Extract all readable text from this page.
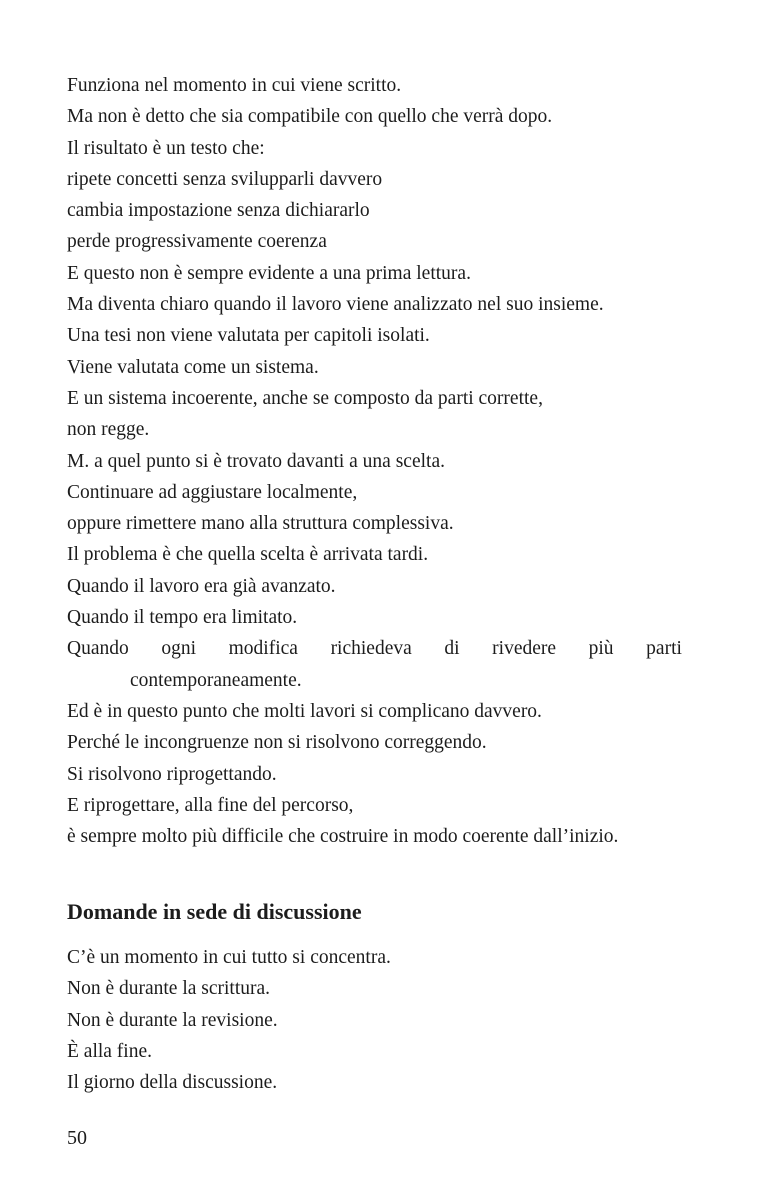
Funziona nel momento in cui viene scritto.
Ma non è detto che sia compatibile con quello che verrà dopo.
Il risultato è un testo che:
ripete concetti senza svilupparli davvero
cambia impostazione senza dichiararlo
perde progressivamente coerenza
E questo non è sempre evidente a una prima lettura.
Ma diventa chiaro quando il lavoro viene analizzato nel suo insieme.
Una tesi non viene valutata per capitoli isolati.
Viene valutata come un sistema.
E un sistema incoerente, anche se composto da parti corrette,
non regge.
M. a quel punto si è trovato davanti a una scelta.
Continuare ad aggiustare localmente,
oppure rimettere mano alla struttura complessiva.
Il problema è che quella scelta è arrivata tardi.
Quando il lavoro era già avanzato.
Quando il tempo era limitato.
Quando ogni modifica richiedeva di rivedere più parti
contemporaneamente.
Ed è in questo punto che molti lavori si complicano davvero.
Perché le incongruenze non si risolvono correggendo.
Si risolvono riprogettando.
E riprogettare, alla fine del percorso,
è sempre molto più difficile che costruire in modo coerente dall’inizio.
Domande in sede di discussione
C’è un momento in cui tutto si concentra.
Non è durante la scrittura.
Non è durante la revisione.
È alla fine.
Il giorno della discussione.
50
